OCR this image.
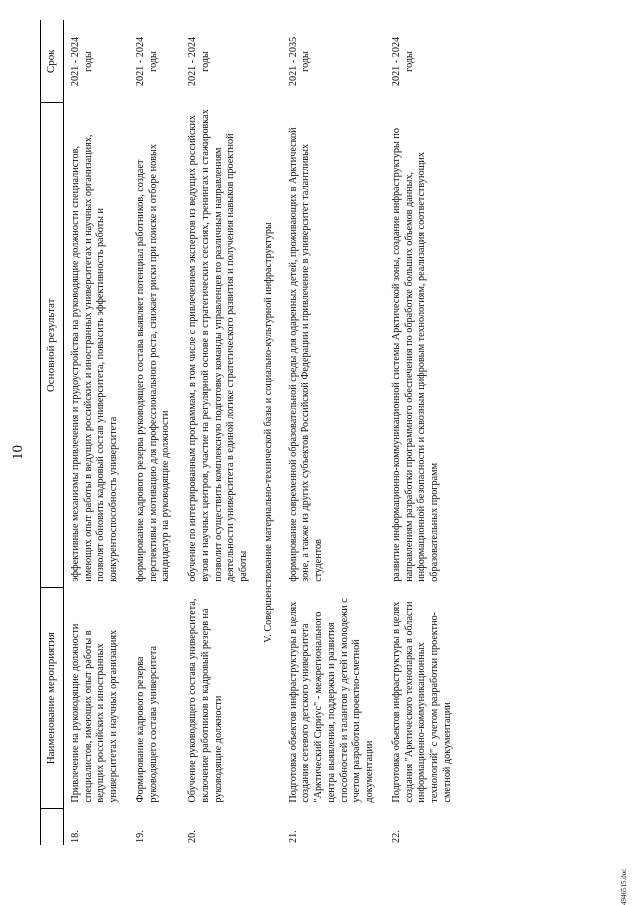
10
	Наименование мероприятия	Основной результат	Срок
18.	Привлечение на руководящие должности специалистов, имеющих опыт работы в ведущих российских и иностранных университетах и научных организациях	эффективные механизмы привлечения и трудоустройства на руководящие должности специалистов, имеющих опыт работы в ведущих российских и иностранных университетах и научных организациях, позволят обновить кадровый состав университета, повысить эффективность работы и конкурентоспособность университета	2021 - 2024 годы
19.	Формирование кадрового резерва руководящего состава университета	формирование кадрового резерва руководящего состава выявляет потенциал работников, создает перспективы и мотивацию для профессионального роста, снижает риски при поиске и отборе новых кандидатур на руководящие должности	2021 - 2024 годы
20.	Обучение руководящего состава университета, включение работников в кадровый резерв на руководящие должности	обучение по интегрированным программам, в том числе с привлечением экспертов из ведущих российских вузов и научных центров, участие на регулярной основе в стратегических сессиях, тренингах и стажировках позволит осуществить комплексную подготовку команды управленцев по различным направлениям деятельности университета в единой логике стратегического развития и получения навыков проектной работы	2021 - 2024 годы
V. Совершенствование материально-технической базы и социально-культурной инфраструктуры			
21.	Подготовка объектов инфраструктуры в целях создания сетевого детского университета "Арктический Сириус" - межрегионального центра выявления, поддержки и развития способностей и талантов у детей и молодежи с учетом разработки проектно-сметной документации	формирование современной образовательной среды для одаренных детей, проживающих в Арктической зоне, а также из других субъектов Российской Федерации и привлечение в университет талантливых студентов	2021 - 2035 годы
22.	Подготовка объектов инфраструктуры в целях создания "Арктического технопарка в области информационно-коммуникационных технологий" с учетом разработки проектно-сметной документации	развитие информационно-коммуникационной системы Арктической зоны, создание инфраструктуры по направлениям разработки программного обеспечения по обработке больших объемов данных, информационной безопасности и сквозным цифровым технологиям, реализация соответствующих образовательных программ	2021 - 2024 годы
4946515.doc
